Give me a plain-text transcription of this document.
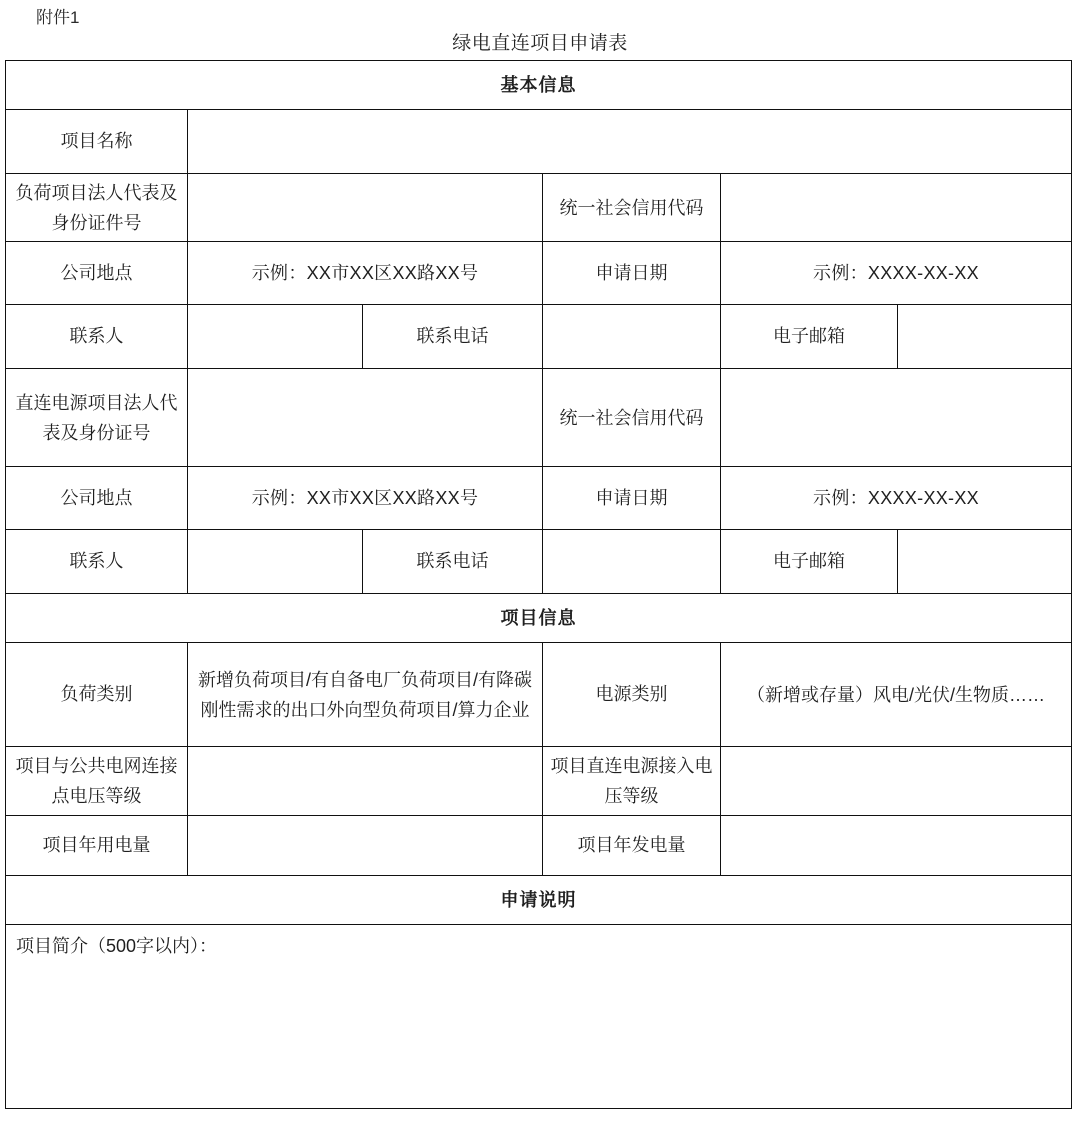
附件1
绿电直连项目申请表
基本信息					
项目名称					
负荷项目法人代表及身份证件号			统一社会信用代码		
公司地点	示例：XX市XX区XX路XX号		申请日期	示例：XXXX-XX-XX	
联系人		联系电话		电子邮箱	
直连电源项目法人代表及身份证号			统一社会信用代码		
公司地点	示例：XX市XX区XX路XX号		申请日期	示例：XXXX-XX-XX	
联系人		联系电话		电子邮箱	
项目信息					
负荷类别	新增负荷项目/有自备电厂负荷项目/有降碳刚性需求的出口外向型负荷项目/算力企业		电源类别	（新增或存量）风电/光伏/生物质……	
项目与公共电网连接点电压等级			项目直连电源接入电压等级		
项目年用电量			项目年发电量		
申请说明					
项目简介（500字以内）：					
